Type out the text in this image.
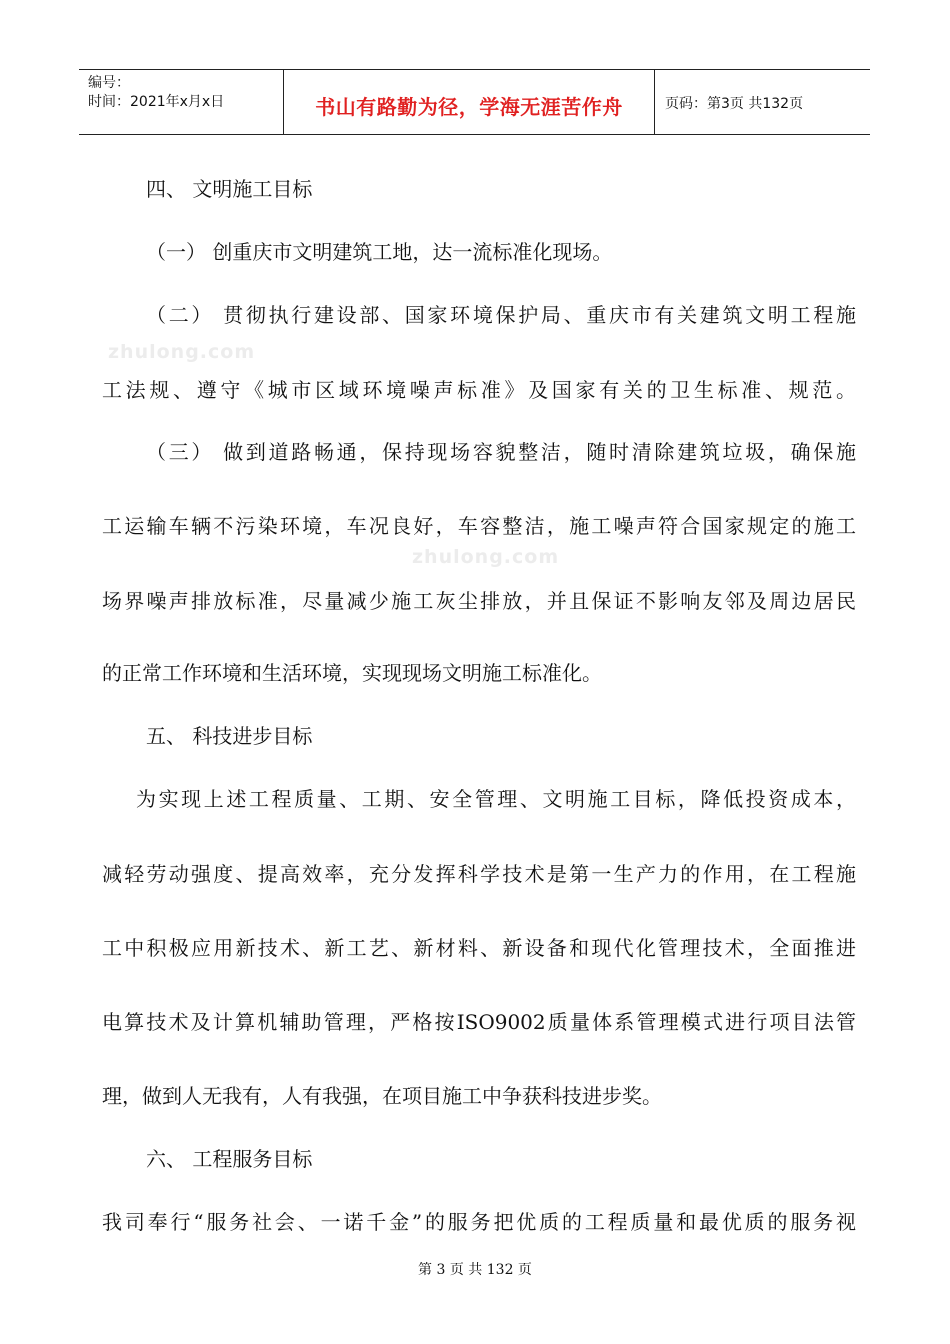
编号：
时间：2021年x月x日	书山有路勤为径，学海无涯苦作舟	页码：第3页 共132页
zhulong.com
zhulong.com
四、 文明施工目标
（一） 创重庆市文明建筑工地，达一流标准化现场。
（二） 贯彻执行建设部、国家环境保护局、重庆市有关建筑文明工程施
工法规、遵守《城市区域环境噪声标准》及国家有关的卫生标准、规范。
（三） 做到道路畅通，保持现场容貌整洁，随时清除建筑垃圾，确保施
工运输车辆不污染环境，车况良好，车容整洁，施工噪声符合国家规定的施工
场界噪声排放标准，尽量减少施工灰尘排放，并且保证不影响友邻及周边居民
的正常工作环境和生活环境，实现现场文明施工标准化。
五、 科技进步目标
为实现上述工程质量、工期、安全管理、文明施工目标，降低投资成本，
减轻劳动强度、提高效率，充分发挥科学技术是第一生产力的作用，在工程施
工中积极应用新技术、新工艺、新材料、新设备和现代化管理技术，全面推进
电算技术及计算机辅助管理，严格按ISO9002质量体系管理模式进行项目法管
理，做到人无我有，人有我强，在项目施工中争获科技进步奖。
六、 工程服务目标
我司奉行“服务社会、一诺千金”的服务把优质的工程质量和最优质的服务视
第 3 页 共 132 页
